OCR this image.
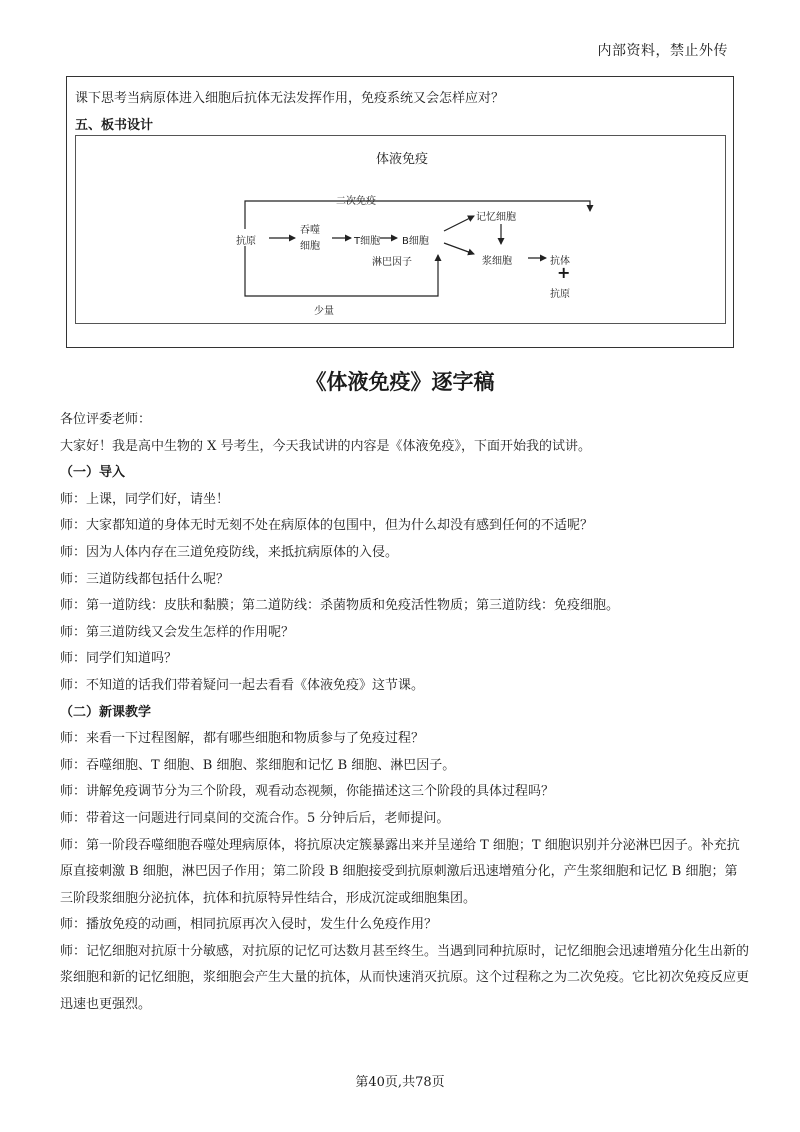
内部资料，禁止外传
课下思考当病原体进入细胞后抗体无法发挥作用，免疫系统又会怎样应对？
五、板书设计
体液免疫
二次免疫
抗原
吞噬
细胞	T细胞 B细胞
淋巴因子
记忆细胞
浆细胞	抗体
+
抗原
少量
《体液免疫》逐字稿

各位评委老师：

大家好！我是高中生物的 X 号考生，今天我试讲的内容是《体液免疫》，下面开始我的试讲。

（一）导入

师：上课，同学们好，请坐！

师：大家都知道的身体无时无刻不处在病原体的包围中，但为什么却没有感到任何的不适呢？

师：因为人体内存在三道免疫防线，来抵抗病原体的入侵。

师：三道防线都包括什么呢？

师：第一道防线：皮肤和黏膜；第二道防线：杀菌物质和免疫活性物质；第三道防线：免疫细胞。

师：第三道防线又会发生怎样的作用呢？

师：同学们知道吗？

师：不知道的话我们带着疑问一起去看看《体液免疫》这节课。

（二）新课教学

师：来看一下过程图解，都有哪些细胞和物质参与了免疫过程？

师：吞噬细胞、T 细胞、B 细胞、浆细胞和记忆 B 细胞、淋巴因子。

师：讲解免疫调节分为三个阶段，观看动态视频，你能描述这三个阶段的具体过程吗？

师：带着这一问题进行同桌间的交流合作。5 分钟后后，老师提问。

师：第一阶段吞噬细胞吞噬处理病原体，将抗原决定簇暴露出来并呈递给 T 细胞；T 细胞识别并分泌淋巴因子。补充抗原直接刺激 B 细胞，淋巴因子作用；第二阶段 B 细胞接受到抗原刺激后迅速增殖分化，产生浆细胞和记忆 B 细胞；第三阶段浆细胞分泌抗体，抗体和抗原特异性结合，形成沉淀或细胞集团。

师：播放免疫的动画，相同抗原再次入侵时，发生什么免疫作用？

师：记忆细胞对抗原十分敏感，对抗原的记忆可达数月甚至终生。当遇到同种抗原时，记忆细胞会迅速增殖分化生出新的浆细胞和新的记忆细胞，浆细胞会产生大量的抗体，从而快速消灭抗原。这个过程称之为二次免疫。它比初次免疫反应更迅速也更强烈。

第40页,共78页
